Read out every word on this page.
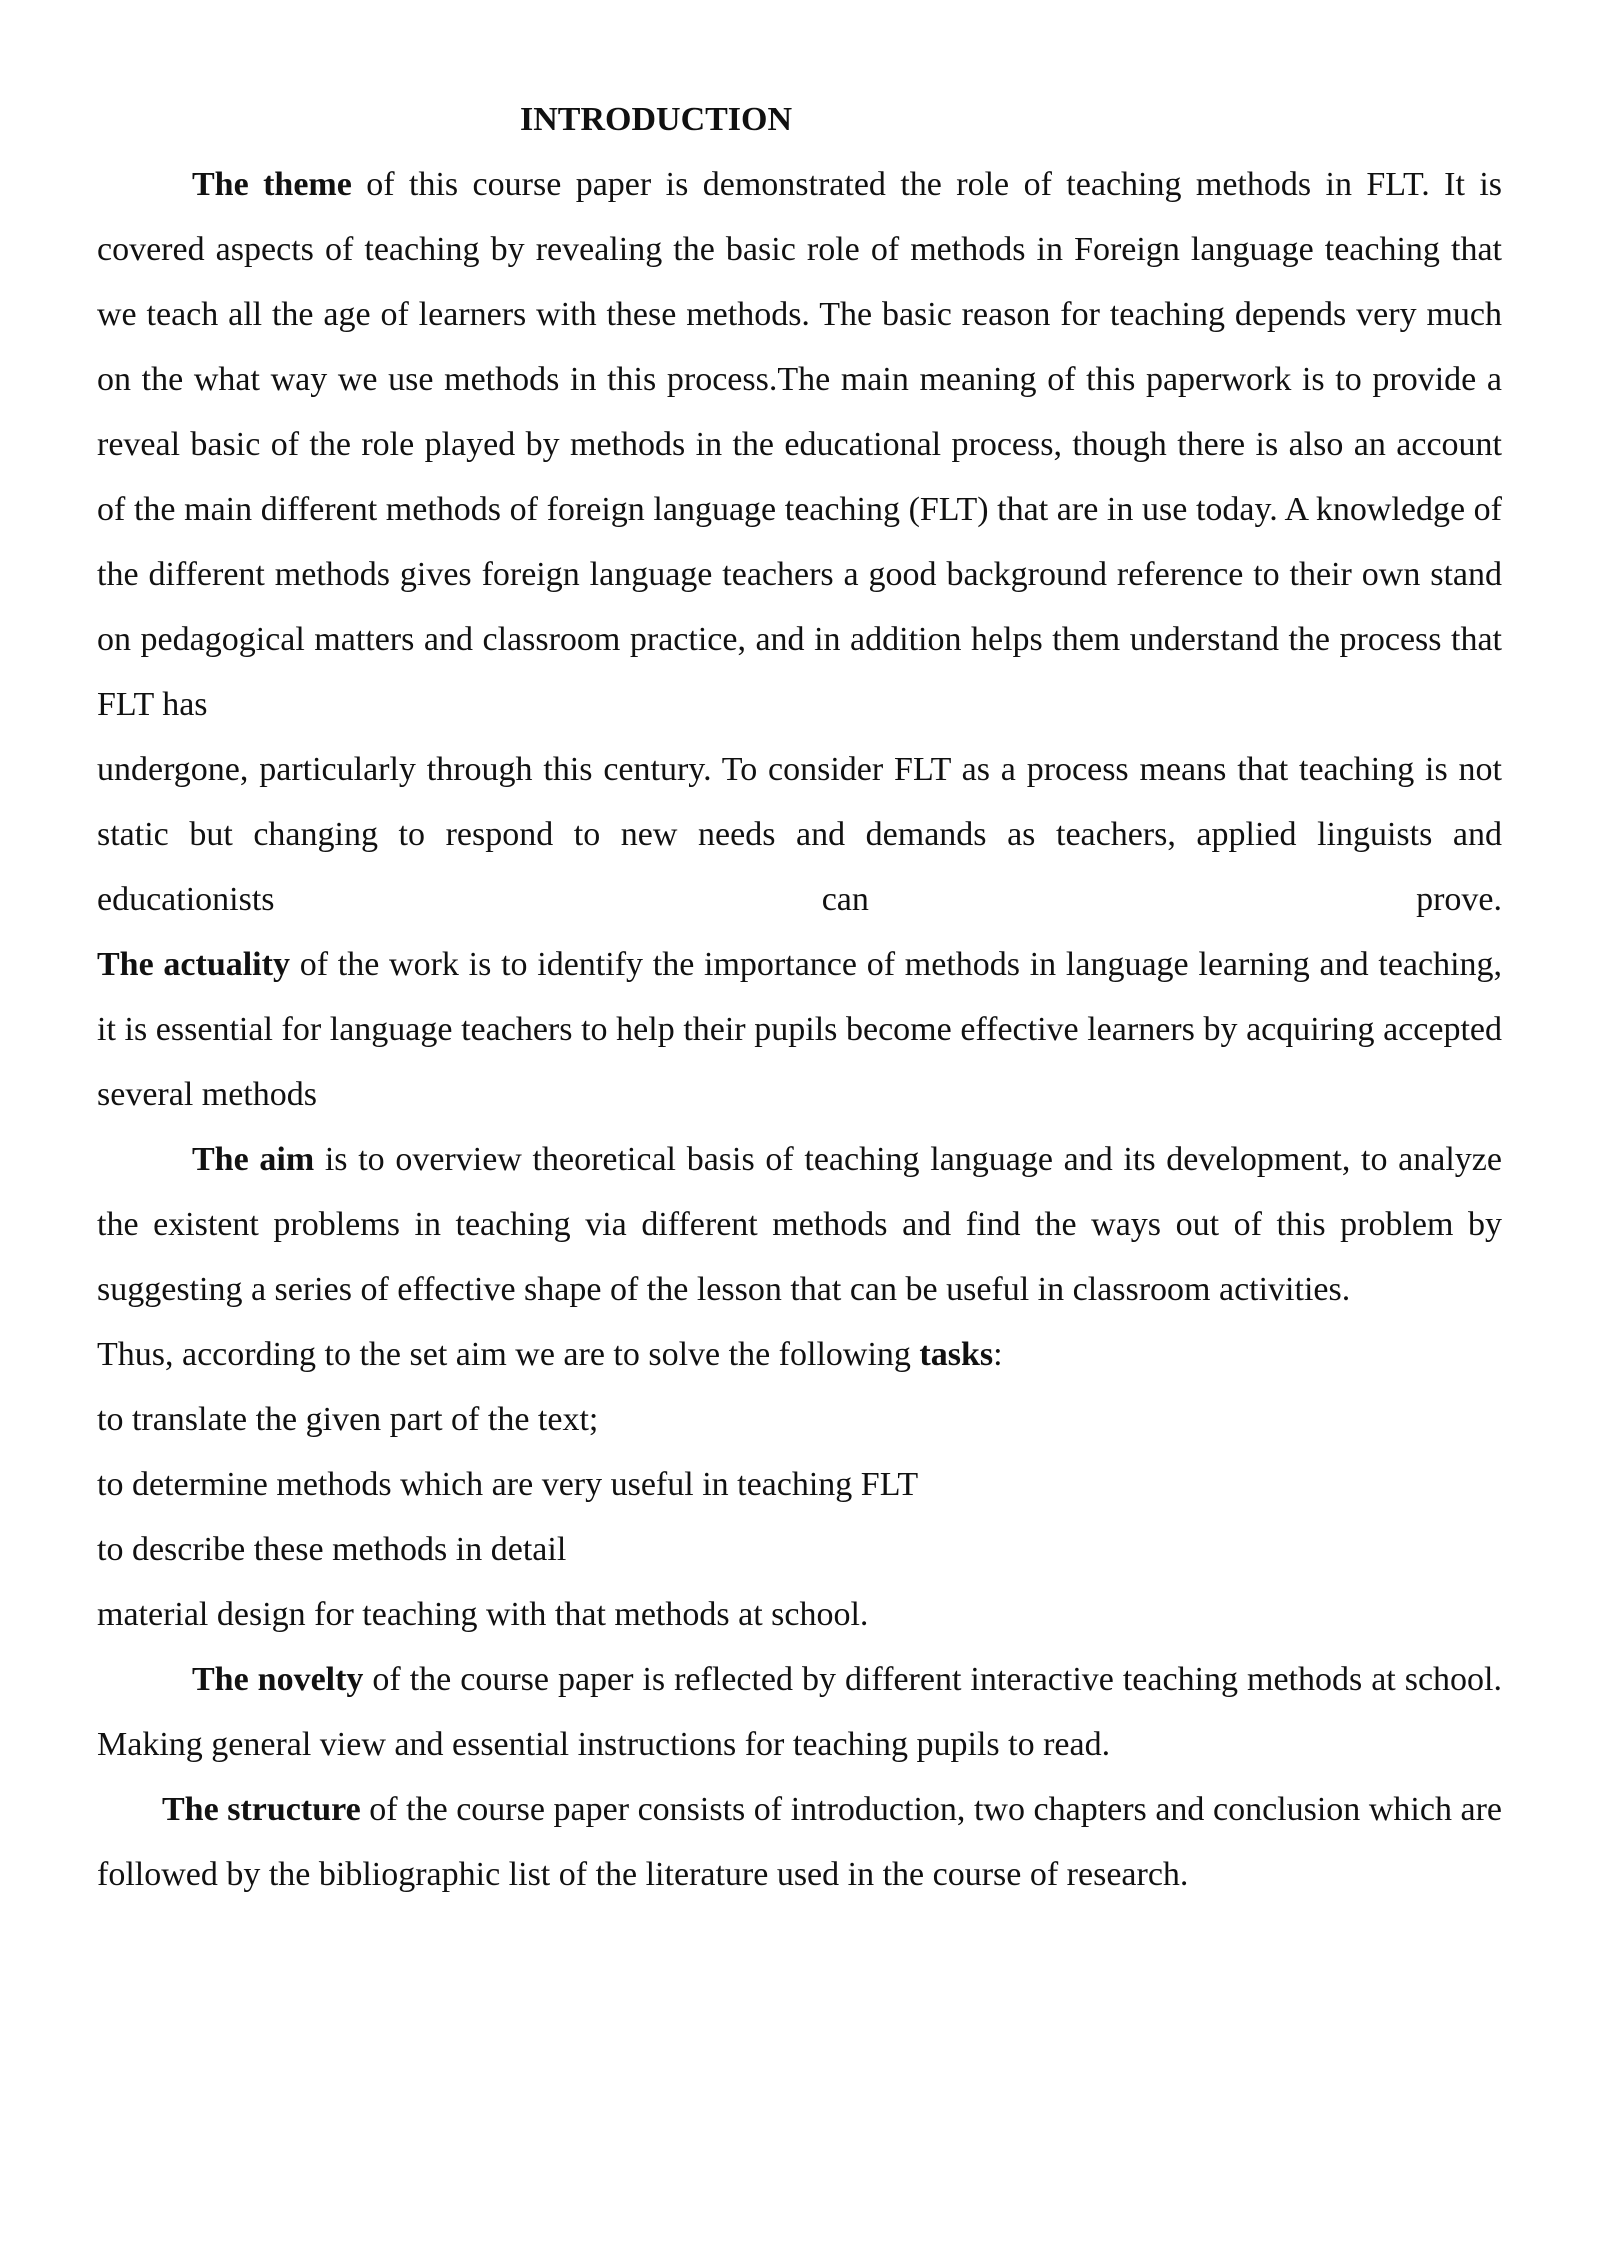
INTRODUCTION

The theme of this course paper is demonstrated the role of teaching methods in FLT. It is covered aspects of teaching by revealing the basic role of methods in Foreign language teaching that we teach all the age of learners with these methods. The basic reason for teaching depends very much on the what way we use methods in this process.The main meaning of this paperwork is to provide a reveal basic of the role played by methods in the educational process, though there is also an account of the main different methods of foreign language teaching (FLT) that are in use today. A knowledge of the different methods gives foreign language teachers a good background reference to their own stand on pedagogical matters and classroom practice, and in addition helps them understand the process that FLT has

undergone, particularly through this century. To consider FLT as a process means that teaching is not static but changing to respond to new needs and demands as teachers, applied linguists and educationists can prove.

The actuality of the work is to identify the importance of methods in language learning and teaching, it is essential for language teachers to help their pupils become effective learners by acquiring accepted several methods

The aim is to overview theoretical basis of teaching language and its development, to analyze the existent problems in teaching via different methods and find the ways out of this problem by suggesting a series of effective shape of the lesson that can be useful in classroom activities.

Thus, according to the set aim we are to solve the following tasks:

to translate the given part of the text;

to determine methods which are very useful in teaching FLT

to describe these methods in detail

material design for teaching with that methods at school.

The novelty of the course paper is reflected by different interactive teaching methods at school. Making general view and essential instructions for teaching pupils to read.

The structure of the course paper consists of introduction, two chapters and conclusion which are followed by the bibliographic list of the literature used in the course of research.
